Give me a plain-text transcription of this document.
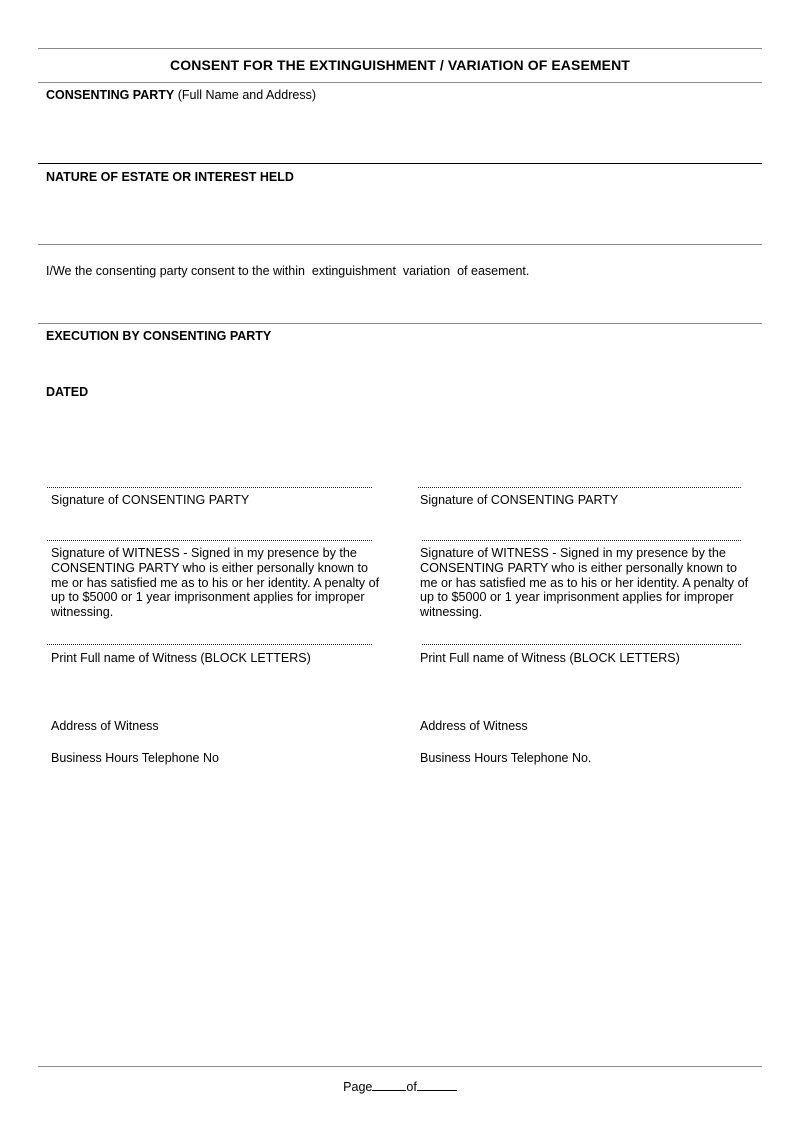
CONSENT FOR THE EXTINGUISHMENT / VARIATION OF EASEMENT
CONSENTING PARTY (Full Name and Address)
NATURE OF ESTATE OR INTEREST HELD
I/We the consenting party consent to the within  extinguishment  variation  of easement.
EXECUTION BY CONSENTING PARTY
DATED
Signature of CONSENTING PARTY
Signature of WITNESS - Signed in my presence by the CONSENTING PARTY who is either personally known to me or has satisfied me as to his or her identity. A penalty of up to $5000 or 1 year imprisonment applies for improper witnessing.
Print Full name of Witness (BLOCK LETTERS)
Address of Witness
Business Hours Telephone No
Signature of CONSENTING PARTY
Signature of WITNESS - Signed in my presence by the CONSENTING PARTY who is either personally known to me or has satisfied me as to his or her identity. A penalty of up to $5000 or 1 year imprisonment applies for improper witnessing.
Print Full name of Witness (BLOCK LETTERS)
Address of Witness
Business Hours Telephone No.
Page	of
